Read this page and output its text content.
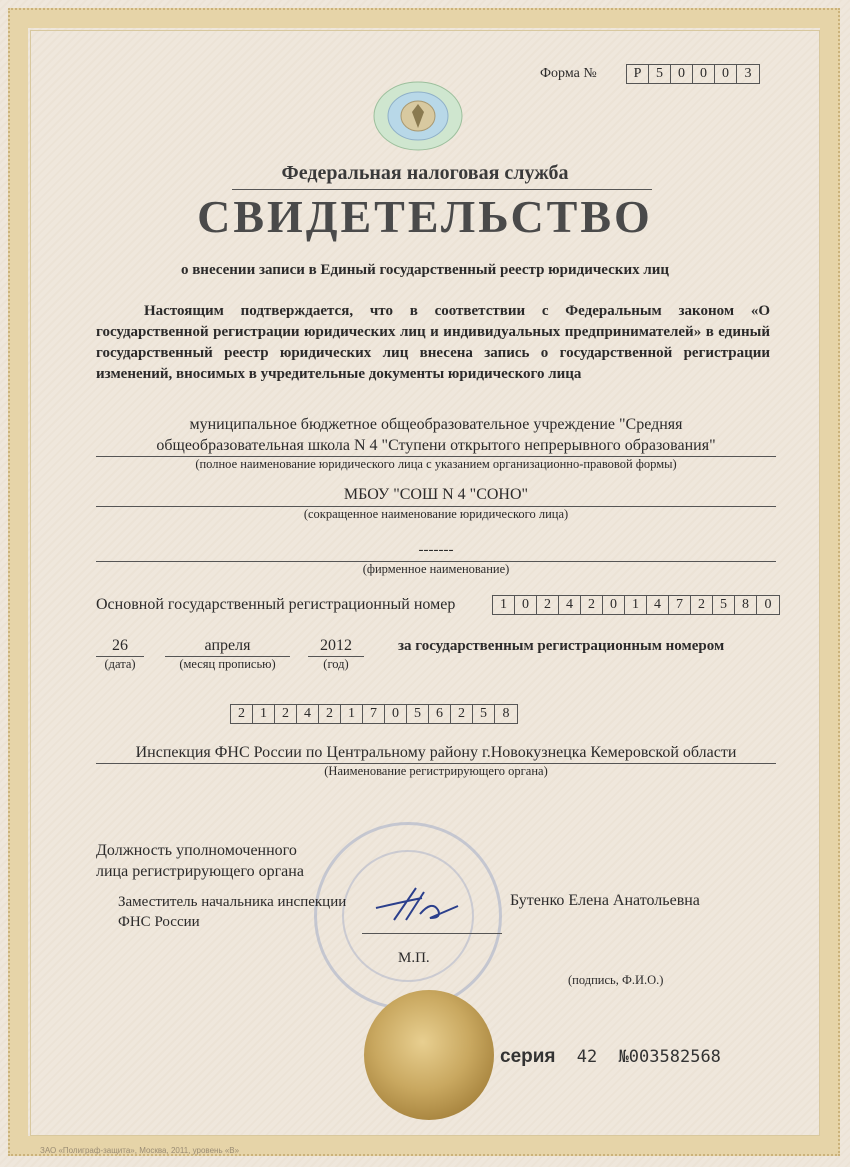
Форма №	Р	5	0	0	0	3
Федеральная налоговая служба
СВИДЕТЕЛЬСТВО
о внесении записи в Единый государственный реестр юридических лиц
Настоящим подтверждается, что в соответствии с Федеральным законом «О государственной регистрации юридических лиц и индивидуальных предпринимателей» в единый государственный реестр юридических лиц внесена запись о государственной регистрации изменений, вносимых в учредительные документы юридического лица
муниципальное бюджетное общеобразовательное учреждение "Средняя
общеобразовательная школа N 4 "Ступени открытого непрерывного образования"
(полное наименование юридического лица с указанием организационно-правовой формы)
МБОУ "СОШ N 4 "СОНО"
(сокращенное наименование юридического лица)
-------
(фирменное наименование)
Основной государственный регистрационный номер	1	0	2	4	2	0	1	4	7	2	5	8	0
26
(дата)
апреля
(месяц прописью)
2012
(год)
за государственным регистрационным номером
2	1	2	4	2	1	7	0	5	6	2	5	8
Инспекция ФНС России по Центральному району г.Новокузнецка Кемеровской области
(Наименование регистрирующего органа)
Должность уполномоченного
лица регистрирующего органа
Заместитель начальника инспекции
ФНС России
Бутенко Елена Анатольевна
М.П.
(подпись, Ф.И.О.)
серия 42 №003582568
ЗАО «Полиграф-защита», Москва, 2011, уровень «В»
